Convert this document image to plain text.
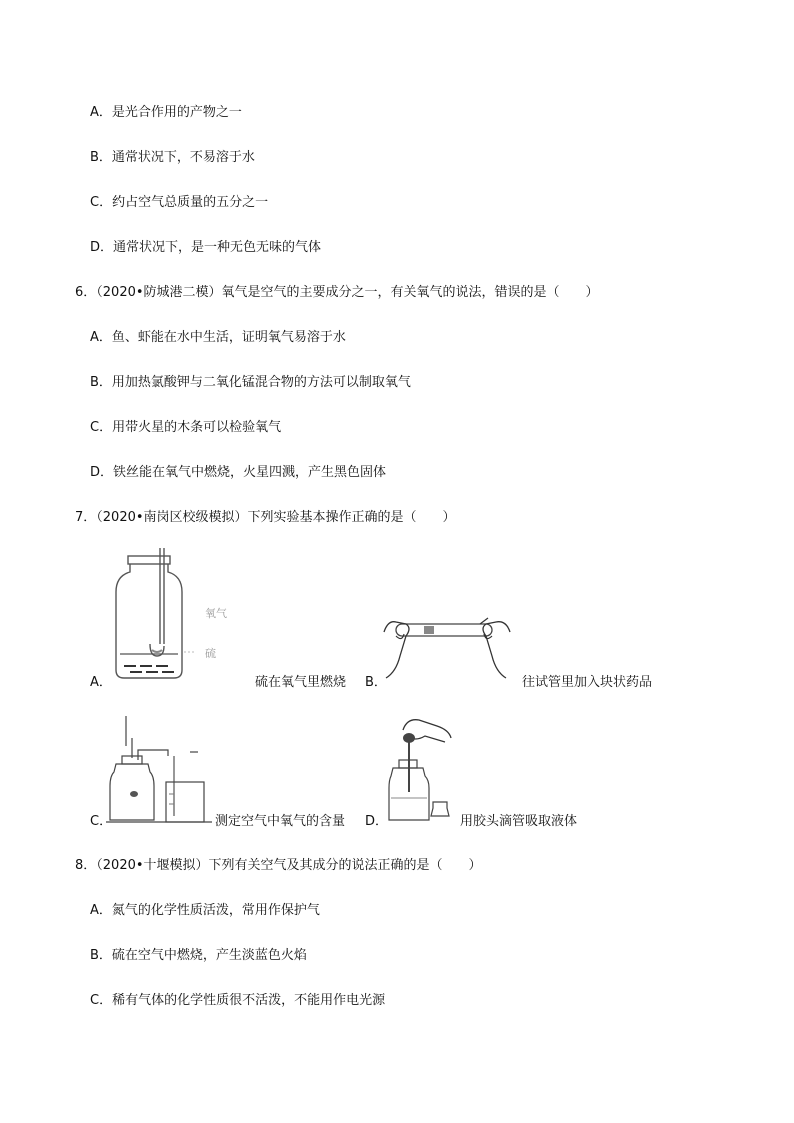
A．是光合作用的产物之一
B．通常状况下，不易溶于水
C．约占空气总质量的五分之一
D．通常状况下，是一种无色无味的气体
6．（2020•防城港二模）氧气是空气的主要成分之一，有关氧气的说法，错误的是（　　）
A．鱼、虾能在水中生活，证明氧气易溶于水
B．用加热氯酸钾与二氧化锰混合物的方法可以制取氧气
C．用带火星的木条可以检验氧气
D．铁丝能在氧气中燃烧，火星四溅，产生黑色固体
7．（2020•南岗区校级模拟）下列实验基本操作正确的是（　　）
A．
氧气
硫
硫在氧气里燃烧 B．	往试管里加入块状药品
C．	测定空气中氧气的含量 D．	用胶头滴管吸取液体
8．（2020•十堰模拟）下列有关空气及其成分的说法正确的是（　　）
A．氮气的化学性质活泼，常用作保护气
B．硫在空气中燃烧，产生淡蓝色火焰
C．稀有气体的化学性质很不活泼，不能用作电光源
